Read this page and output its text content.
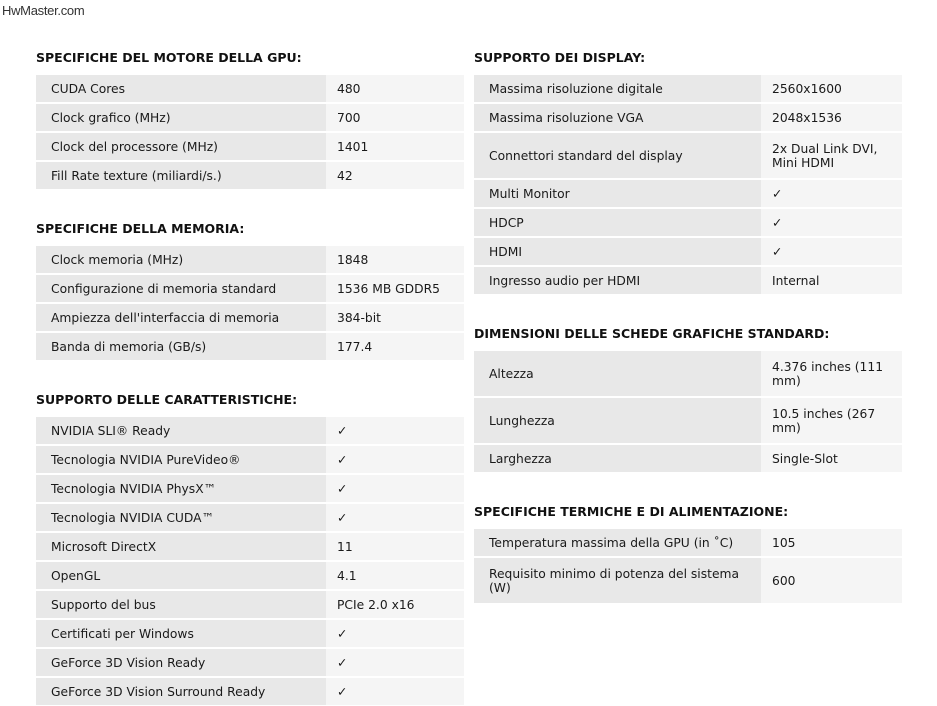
HwMaster.com
SPECIFICHE DEL MOTORE DELLA GPU:
CUDA Cores	480
Clock grafico (MHz)	700
Clock del processore (MHz)	1401
Fill Rate texture (miliardi/s.)	42
SPECIFICHE DELLA MEMORIA:
Clock memoria (MHz)	1848
Configurazione di memoria standard	1536 MB GDDR5
Ampiezza dell'interfaccia di memoria	384-bit
Banda di memoria (GB/s)	177.4
SUPPORTO DELLE CARATTERISTICHE:
NVIDIA SLI® Ready	✓
Tecnologia NVIDIA PureVideo®	✓
Tecnologia NVIDIA PhysX™	✓
Tecnologia NVIDIA CUDA™	✓
Microsoft DirectX	11
OpenGL	4.1
Supporto del bus	PCIe 2.0 x16
Certificati per Windows	✓
GeForce 3D Vision Ready	✓
GeForce 3D Vision Surround Ready	✓
SUPPORTO DEI DISPLAY:
Massima risoluzione digitale	2560x1600
Massima risoluzione VGA	2048x1536
Connettori standard del display	2x Dual Link DVI, Mini HDMI
Multi Monitor	✓
HDCP	✓
HDMI	✓
Ingresso audio per HDMI	Internal
DIMENSIONI DELLE SCHEDE GRAFICHE STANDARD:
Altezza	4.376 inches (111 mm)
Lunghezza	10.5 inches (267 mm)
Larghezza	Single-Slot
SPECIFICHE TERMICHE E DI ALIMENTAZIONE:
Temperatura massima della GPU (in ˚C)	105
Requisito minimo di potenza del sistema (W)	600
